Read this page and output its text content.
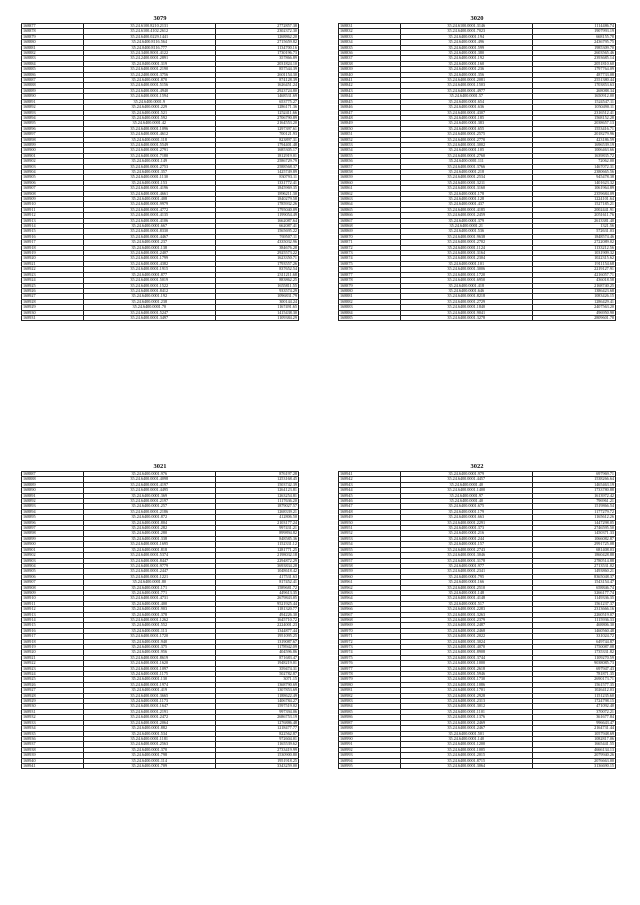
3079
168877	35.24.6100.8210.2131	2772857.38
168878	35.24.6100.4102.2612	2302372.30
168879	35.24.6400.0229.1441	1268862.20
168880	35.24.6400.8116.564	2715659.82
168881	35.24.0400.8116.777	1134700.16
168882	35.24.3400.8001.4122	1730196.73
168883	35.24.2400.0001.2891	357866.89
168884	35.24.0400.0001.319	2031824.10
168885	35.24.6400.0001.2190	857544.39
168886	35.24.2400.0001.3756	2601154.30
168887	35.24.6400.0001.870	874128.39
168888	35.24.6400.0001.5156	1626451.24
168889	35.24.6400.0001.4940	2923724.80
168890	35.24.6400.0001.1594	1468531.69
168891	35.24.6400.0001.9	653775.27
168892	35.24.6400.0001.229	1286171.36
168893	35.24.6400.0001.521	1252411.66
168894	35.24.6400.0001.592	2706790.89
168895	35.24.6400.0001.42	2164553.20
168896	35.24.6400.0001.1096	1297397.61
168897	35.24.6400.0001.4612	700121.93
168898	35.24.6400.0001.118	823897.31
168899	35.24.6400.0001.5549	1794401.48
168900	35.24.6400.0001.2791	1685305.17
168901	35.24.6400.0001.7180	1812919.01
168902	35.24.6400.0001.149	2586729.79
168903	35.24.6400.0001.2753	2588568.37
168904	35.24.6400.0001.357	1425749.89
168905	35.24.6400.0001.1130	830793.11
168906	35.24.6400.0001.153	1331772.41
168907	35.24.6400.0001.4196	1845969.35
168908	35.24.6400.0001.4661	1896211.30
168909	35.24.6400.0001.408	1840279.58
168910	35.24.6400.0001.9979	1785932.26
168911	35.24.6400.0001.4772	1795040.09
168912	35.24.6400.0001.4135	1199054.49
168913	35.24.6400.0001.4106	1662087.64
168914	35.24.6400.0001.667	662087.41
168915	35.24.6400.0001.8330	1565695.22
168916	35.24.6400.0001.4467	769507.11
168917	35.24.6400.0001.237	4335032.96
168918	35.24.6400.0001.138	384676.28
168919	35.24.6400.0001.2407	2925573.22
168920	35.24.6400.0001.1799	1623350.71
168921	35.24.6400.0001.4382	1793557.26
168922	35.24.6400.0001.1915	837652.54
168923	35.24.6400.0001.877	2311211.68
168924	35.24.6400.0001.5019	883862.25
168925	35.24.6400.0001.1522	1655811.55
168926	35.24.6400.0001.8412	933574.29
168927	35.24.6400.0001.192	1096831.79
168928	35.24.6400.0001.238	300144.24
168929	35.24.6400.0001.70	1167491.65
168930	35.24.6400.0001.5247	1415438.30
168931	35.24.6400.0001.3497	1109384.29
3020
168831	35.24.6100.0001.3146	1114486.74
168832	35.24.6400.0001.7023	1907993.19
168833	35.24.6400.0001.194	668155.78
168834	35.24.6400.0001.496	2436795.75
168835	35.24.6400.0001.599	1985309.70
168836	35.24.6400.0001.380	2603565.46
168837	35.24.6400.0001.192	2393685.14
168838	35.24.6400.0001.160	2051810.60
168839	35.24.6400.0001.236	1797764.09
168840	35.24.6400.0001.356	487733.08
168841	35.24.6400.0001.2081	2551380.44
168842	35.24.6400.0001.1503	1703853.63
168843	35.24.6400.0001.4977	268088.34
168844	35.24.6400.0001.57	1650912.00
168845	35.24.6400.0001.654	1524547.11
168846	35.24.6400.0001.636	1050490.11
168847	35.24.6400.0001.4307	2316512.41
168848	35.24.6400.0001.185	1568152.28
168849	35.24.6400.0001.383	2038657.13
168850	35.24.6400.0001.655	1553416.71
168851	35.24.6400.0001.2575	2018279.96
168852	35.24.6400.0001.2770	423186.59
168853	35.24.6400.0001.3002	1696539.19
168854	35.24.6400.0001.105	1006463.66
168855	35.24.6400.0001.2760	1639835.72
168856	35.24.6400.0001.111	72062.00
168857	35.24.6400.0001.3766	1467072.31
168858	35.24.6400.0001.218	2380665.56
168859	35.24.6400.0001.2534	945478.38
168860	35.24.6400.0001.3211	1401623.32
168861	35.24.6400.0001.3160	1061964.89
168862	35.24.6400.0001.178	2359684.09
168863	35.24.6400.0001.128	1224101.64
168864	35.24.6400.0001.437	1527185.21
168865	35.24.6400.0001.4185	2002441.91
168866	35.24.6400.0001.2459	2051611.76
168867	35.24.6400.0001.379	2613381.40
168868	35.24.6400.0001.21	1321.56
168869	35.24.6400.0001.536	572631.03
168870	35.24.6400.0001.9638	1848574.46
168871	35.24.6400.0001.2702	2722089.02
168872	35.24.6400.0001.1124	1133212.56
168873	35.24.6400.0001.3164	1031909.32
168874	35.24.6400.0001.2304	1022315.62
168875	35.24.6400.0001.101	1911154.68
168876	35.24.6400.0001.3006	2219127.91
168877	35.24.6400.0001.1720	4216057.71
168878	35.24.6400.0001.6950	436018.58
168879	35.24.6400.0001.418	2168740.25
168880	35.24.6400.0001.646	1386423.68
168881	35.24.6400.0001.8218	1083426.15
168882	35.24.6400.0001.2729	1286429.41
168883	35.24.6400.0001.1840	2407563.20
168884	35.24.6400.0001.9041	496950.90
168885	35.24.6400.0001.3278	2809601.78
3021
168887	35.24.6400.0001.976	876197.28
168888	35.24.6400.0001.4098	1253168.45
168889	35.24.6400.0001.4197	1503742.39
168890	35.24.6400.0001.4495	1264123.81
168891	35.24.6400.0001.369	1263254.81
168892	35.24.6400.0001.2197	1117636.20
168893	35.24.6400.0001.257	1879027.57
168894	35.24.6400.0001.2186	1268339.21
168895	35.24.6400.0001.872	412806.50
168896	35.24.6400.0001.804	2103177.24
168897	35.24.6400.0001.282	997431.21
168898	35.24.6400.0001.280	899894.82
168899	35.24.6400.0001.338	848585.36
168900	35.24.6400.0001.1695	1152331.12
168901	35.24.6400.0001.818	1281771.25
168902	35.24.6400.0001.5374	2198032.18
168903	35.24.6400.0001.8447	2294872.29
168904	35.24.6400.0001.9779	3693834.28
168905	35.24.6400.0001.2447	1048618.42
168906	35.24.6400.0001.1221	417531.63
168907	35.24.6400.0001.80	817452.41
168908	35.24.6400.0001.171	1589681.72
168909	35.24.6400.0001.771	449613.35
168910	35.24.6400.0001.4731	2679843.05
168911	35.24.6400.0001.400	9521925.44
168912	35.24.6400.0001.903	1181320.77
168913	35.24.6400.0001.378	494226.30
168914	35.24.6400.0001.1262	1645710.72
168915	35.24.6400.0001.552	2224001.23
168916	35.24.6400.0001.113	1344877.44
168917	35.24.6400.0001.1720	1951095.25
168918	35.24.6400.0001.940	1319087.67
168919	35.24.6400.0001.375	1178942.09
168920	35.24.6400.0001.956	404596.86
168921	35.24.6400.0001.8619	871683.47
168922	35.24.6400.0001.1620	1948219.01
168923	35.24.6400.0001.1097	359474.31
168924	35.24.6400.0001.1175	502782.87
168925	35.24.6400.0001.130	3071.15
168926	35.24.6400.0001.1974	1368790.69
168927	35.24.6400.0001.419	1307853.69
168928	35.24.6400.0001.3665	1188622.49
168929	35.24.6400.0001.1173	1406784.27
168930	35.24.6400.0001.1647	1597519.02
168931	35.24.6400.0001.2191	997394.06
168932	35.24.6400.0001.2472	2686753.19
168933	35.24.6400.0001.2064	1276886.48
168934	35.24.6400.0001.882	1218477.77
168935	35.24.6400.0001.534	822562.87
168936	35.24.6400.0001.1181	972604.01
168937	35.24.6400.0001.2563	1165539.62
168938	35.24.6400.0001.370	2733419.99
168939	35.24.6400.0001.798	1530900.80
168940	35.24.6400.0001.114	1951918.25
168941	35.24.6400.0001.709	3343259.00
3022
168941	35.24.6400.0001.979	697969.71
168942	35.24.6400.0001.4457	1538266.64
168943	35.24.6400.0001.40	1465463.19
168944	35.24.6400.0001.1400	1733780.88
168945	35.24.6400.0001.97	1613972.42
168946	35.24.6400.0001.40	796961.21
168947	35.24.6400.0001.675	1519866.54
168948	35.24.6400.0001.179	1177279.72
168949	35.24.6400.0001.663	1165612.26
168950	35.24.6400.0001.2291	1447298.05
168951	35.24.6400.0001.373	2746595.50
168952	35.24.6400.0001.216	1450371.33
168953	35.24.6400.0001.244	1066082.87
168954	35.24.6400.0001.157	2991725.08
168955	35.24.6400.0001.2743	681408.03
168956	35.24.6400.0001.3046	1860428.88
168957	35.24.6400.0001.3178	2780514.88
168958	35.24.6400.0001.977	2713531.02
168959	35.24.6400.0001.2341	1493860.21
168960	35.24.6400.0001.795	8365048.37
168961	35.24.6400.0001.166	1543154.47
168962	35.24.6400.0001.2510	658846.74
168963	35.24.6400.0001.148	3266177.74
168964	35.24.6400.0001.4148	1149336.35
168965	35.24.6400.0001.517	1561237.37
168966	35.24.6400.0001.2283	2313666.16
168967	35.24.6400.0001.3263	2260519.07
168968	35.24.6400.0001.2379	1115936.33
168969	35.24.6400.0001.2487	468806.30
168970	35.24.6400.0001.2468	1460560.48
168971	35.24.6400.0001.2022	331024.72
168972	35.24.6400.0001.3024	649744.87
168973	35.24.6400.0001.4070	1750087.08
168974	35.24.6400.0001.8908	1735331.82
168975	35.24.6400.0001.3744	1109270.59
168976	35.24.6400.0001.1000	9038085.73
168977	35.24.6400.0001.2618	697947.43
168978	35.24.6400.0001.5946	781871.35
168979	35.24.6400.0001.1730	2690173.71
168980	35.24.6400.0001.1086	1561577.35
168981	35.24.6400.0001.1701	1026412.03
168982	35.24.6400.0001.2928	1151235.60
168983	35.24.6400.0001.2313	1724798.15
168984	35.24.6400.0001.3012	471092.40
168985	35.24.6400.0001.1101	370072.21
168986	35.24.6400.0001.1376	361677.84
168987	35.24.6400.0001.2469	996643.47
168988	35.24.6400.0001.2467	2164731.44
168989	35.24.6400.0001.501	1057948.69
168990	35.24.6400.0001.140	1082817.06
168991	35.24.6400.0001.1200	1665441.55
168992	35.24.6400.0001.1005	4666134.13
168993	35.24.6400.0001.2015	2079940.26
168994	35.24.6400.0001.8715	2076663.00
168995	35.24.6400.0001.3064	3136690.15
